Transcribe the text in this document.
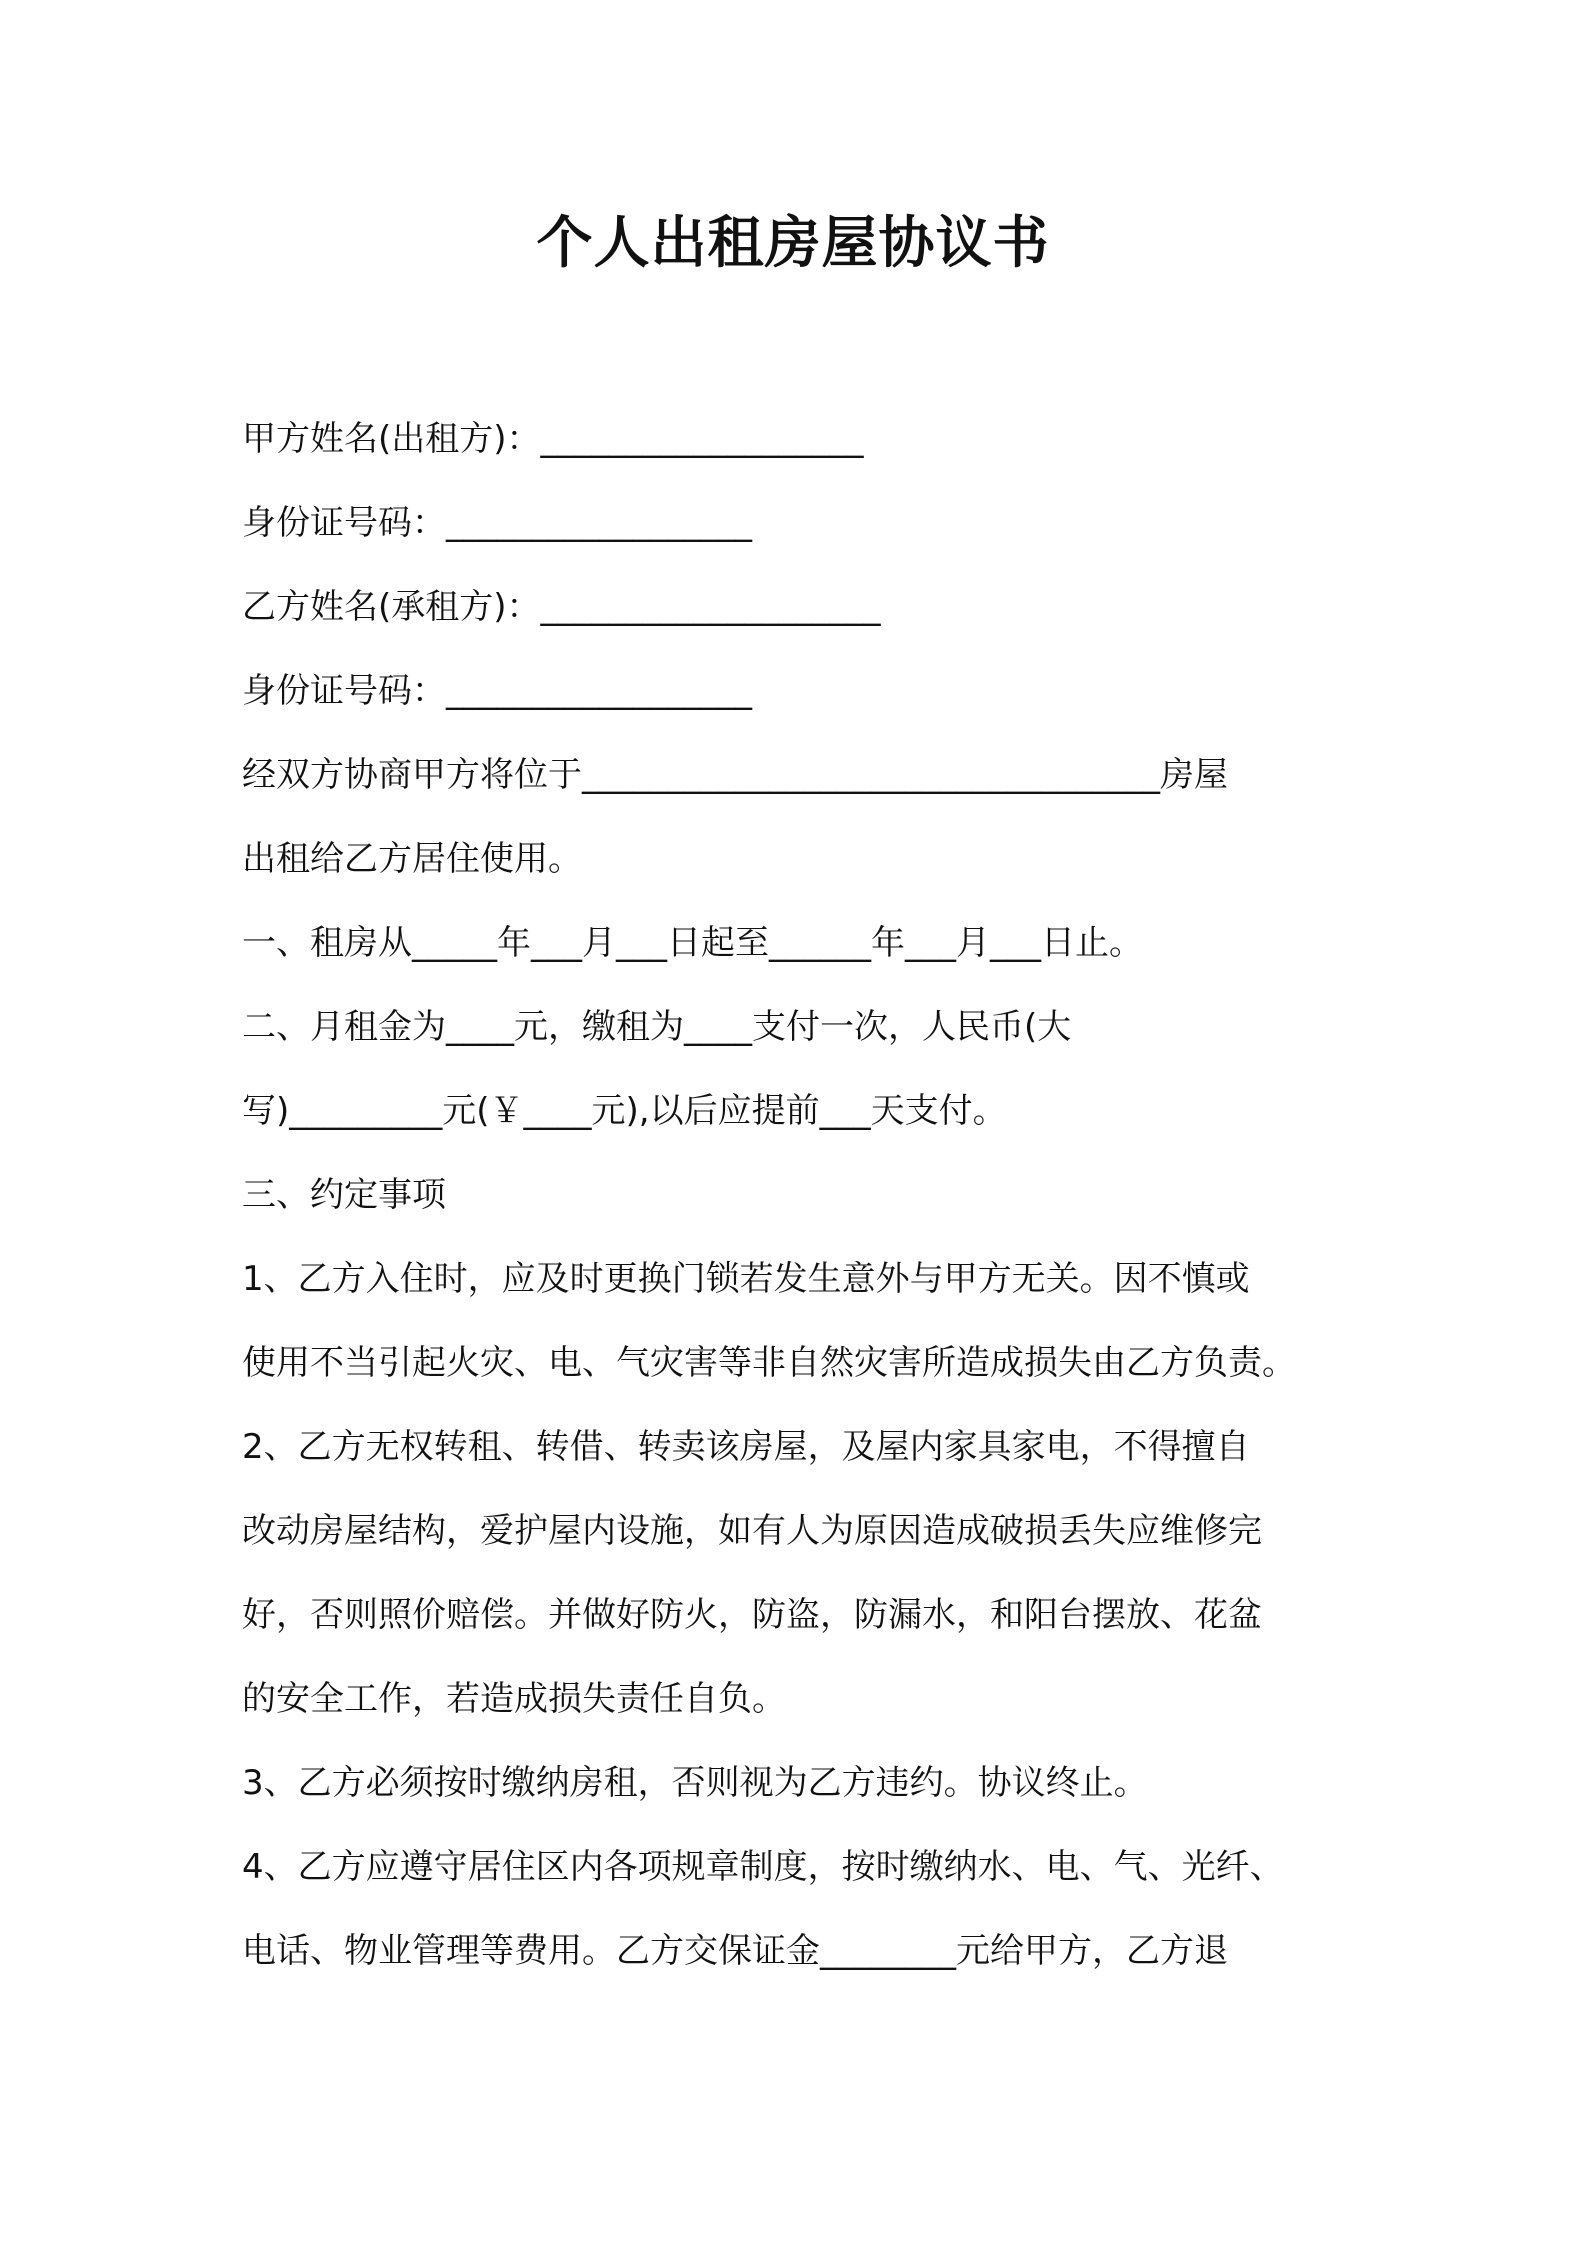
个人出租房屋协议书
甲方姓名(出租方)：___________________
身份证号码：__________________
乙方姓名(承租方)：____________________
身份证号码：__________________
经双方协商甲方将位于__________________________________房屋
出租给乙方居住使用。
一、租房从_____年___月___日起至______年___月___日止。
二、月租金为____元，缴租为____支付一次，人民币(大
写)_________元(￥____元),以后应提前___天支付。
三、约定事项
1、乙方入住时，应及时更换门锁若发生意外与甲方无关。因不慎或
使用不当引起火灾、电、气灾害等非自然灾害所造成损失由乙方负责。
2、乙方无权转租、转借、转卖该房屋，及屋内家具家电，不得擅自
改动房屋结构，爱护屋内设施，如有人为原因造成破损丢失应维修完
好，否则照价赔偿。并做好防火，防盗，防漏水，和阳台摆放、花盆
的安全工作，若造成损失责任自负。
3、乙方必须按时缴纳房租，否则视为乙方违约。协议终止。
4、乙方应遵守居住区内各项规章制度，按时缴纳水、电、气、光纤、
电话、物业管理等费用。乙方交保证金________元给甲方，乙方退
